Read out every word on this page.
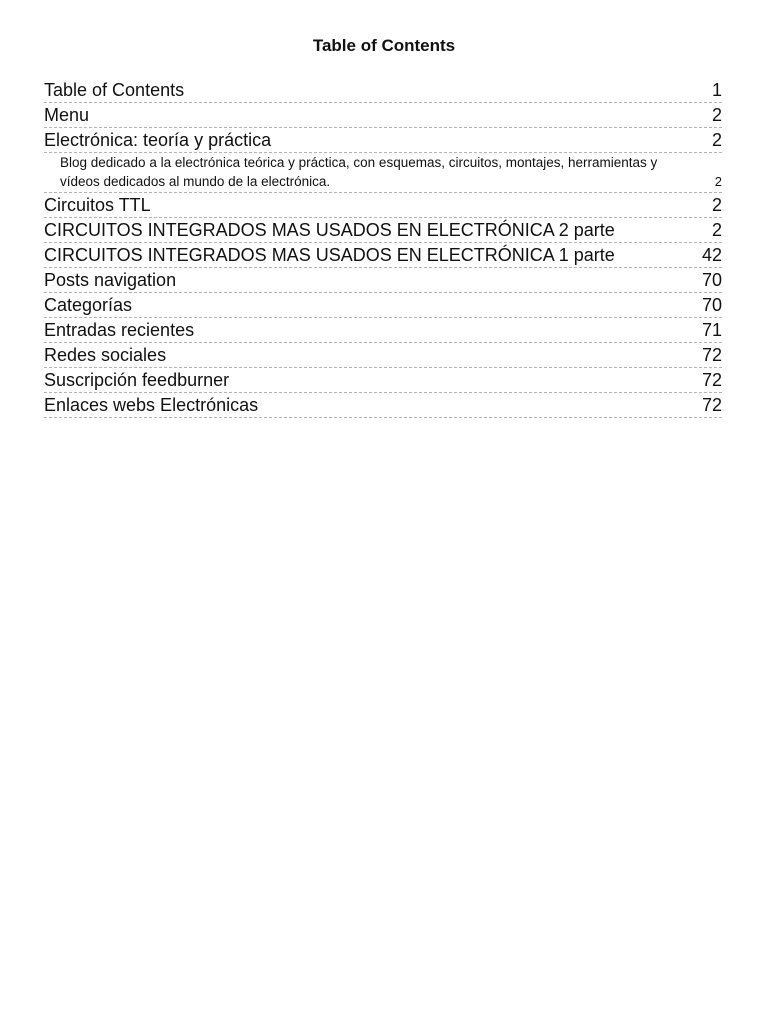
Table of Contents
Table of Contents	1
Menu	2
Electrónica: teoría y práctica	2
Blog dedicado a la electrónica teórica y práctica, con esquemas, circuitos, montajes, herramientas y vídeos dedicados al mundo de la electrónica.	2
Circuitos TTL	2
CIRCUITOS INTEGRADOS MAS USADOS EN ELECTRÓNICA 2 parte	2
CIRCUITOS INTEGRADOS MAS USADOS EN ELECTRÓNICA 1 parte	42
Posts navigation	70
Categorías	70
Entradas recientes	71
Redes sociales	72
Suscripción feedburner	72
Enlaces webs Electrónicas	72
